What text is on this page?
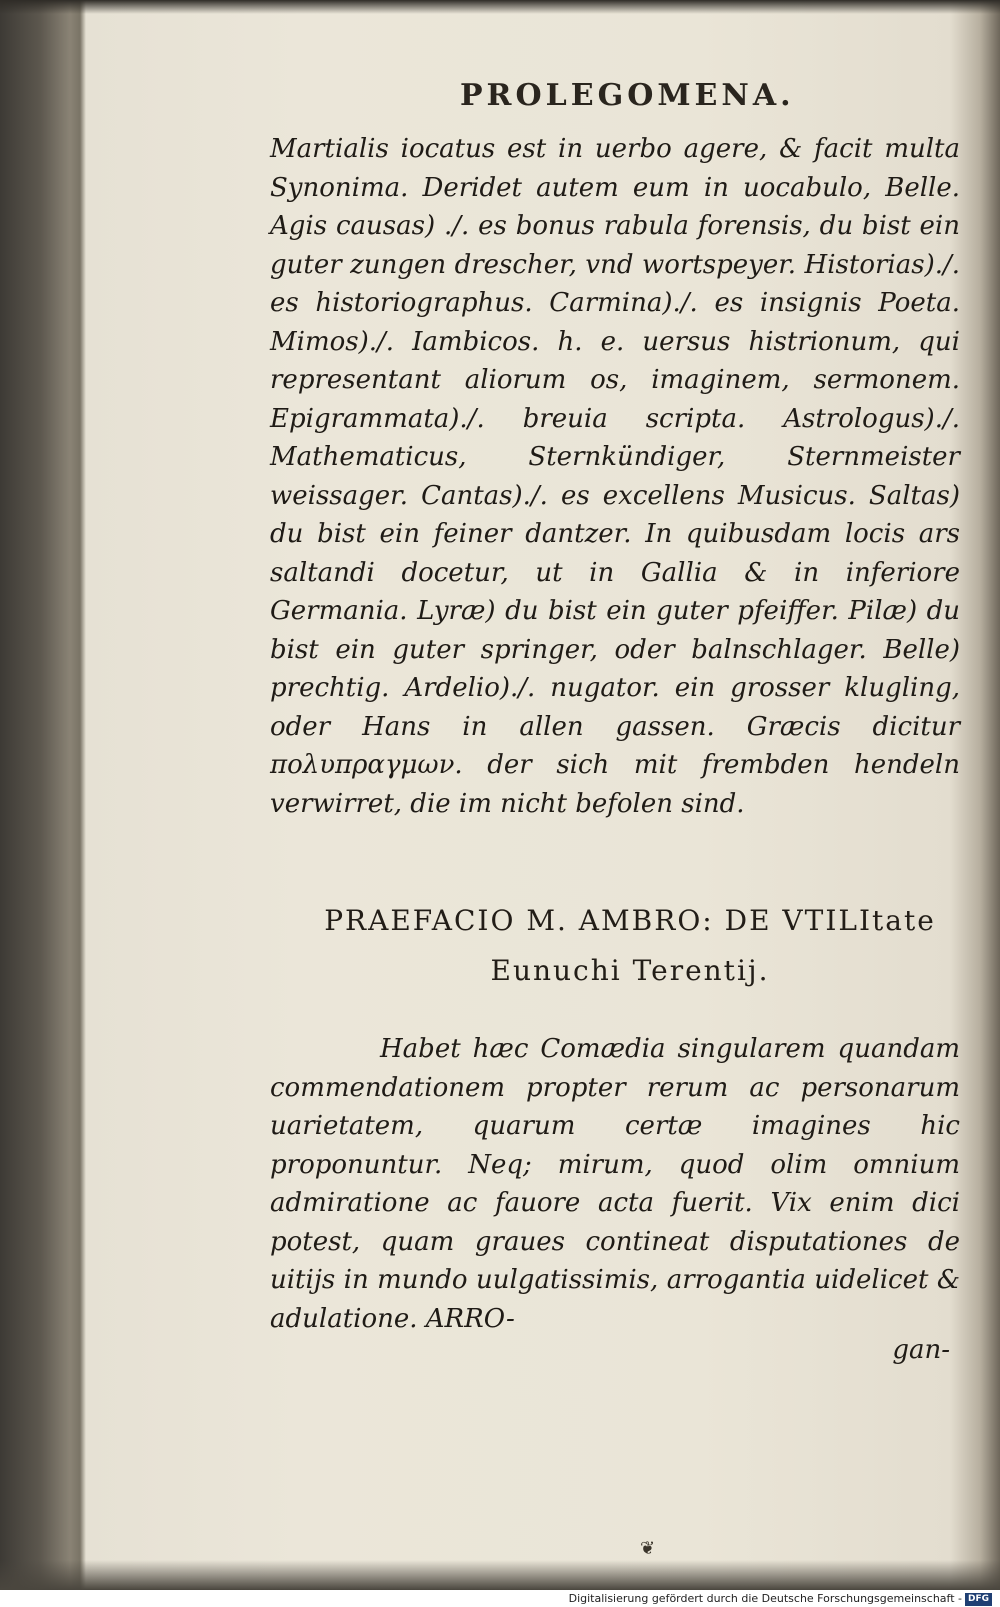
PROLEGOMENA.

Martialis iocatus est in uerbo agere, & facit multa Synonima. Deridet autem eum in uocabulo, Belle. Agis causas) ./. es bonus rabula forensis, du bist ein guter zungen drescher, vnd wortspeyer. Historias)./. es historiographus. Carmina)./. es insignis Poeta. Mimos)./. Iambicos. h. e. uersus histrionum, qui representant aliorum os, imaginem, sermonem. Epigrammata)./. breuia scripta. Astrologus)./. Mathematicus, Sternkündiger, Sternmeister weissager. Cantas)./. es excellens Musicus. Saltas) du bist ein feiner dantzer. In quibusdam locis ars saltandi docetur, ut in Gallia & in inferiore Germania. Lyræ) du bist ein guter pfeiffer. Pilæ) du bist ein guter springer, oder balnschlager. Belle) prechtig. Ardelio)./. nugator. ein grosser klugling, oder Hans in allen gassen. Græcis dicitur πολυπραγμων. der sich mit frembden hendeln verwirret, die im nicht befolen sind.

PRAEFACIO M. AMBRO: DE VTILItate Eunuchi Terentij.

Habet hæc Comædia singularem quandam commendationem propter rerum ac personarum uarietatem, quarum certæ imagines hic proponuntur. Neq; mirum, quod olim omnium admiratione ac fauore acta fuerit. Vix enim dici potest, quam graues contineat disputationes de uitijs in mundo uulgatissimis, arrogantia uidelicet & adulatione. ARRO-

gan-
❦
Digitalisierung gefördert durch die Deutsche Forschungsgemeinschaft - DFG
